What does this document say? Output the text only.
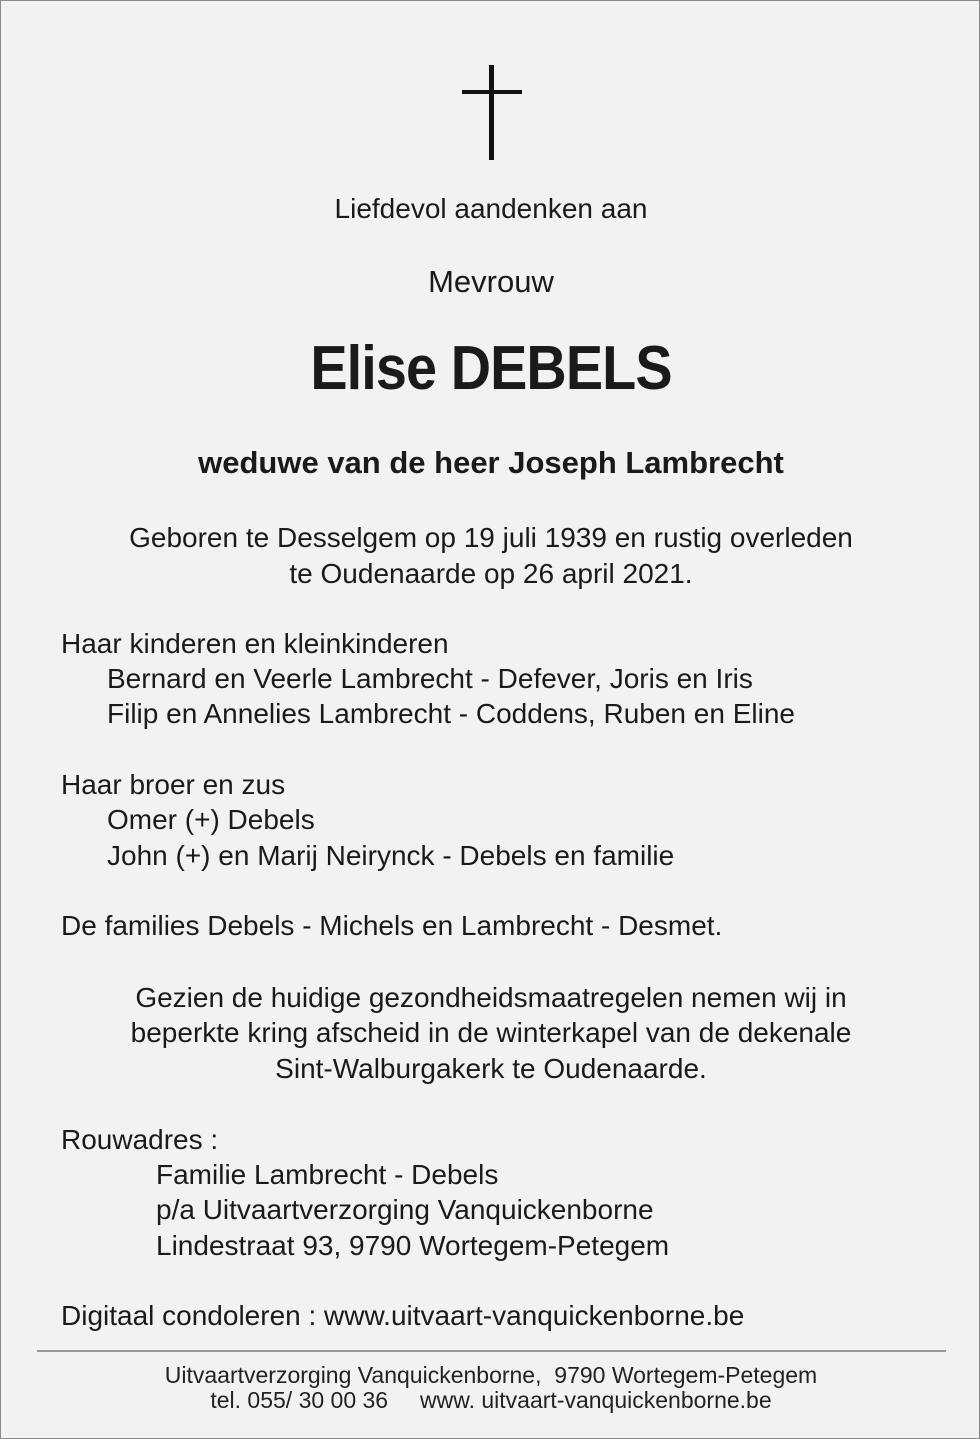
Liefdevol aandenken aan
Mevrouw
Elise DEBELS
weduwe van de heer Joseph Lambrecht
Geboren te Desselgem op 19 juli 1939 en rustig overleden
te Oudenaarde op 26 april 2021.
Haar kinderen en kleinkinderen
Bernard en Veerle Lambrecht - Defever, Joris en Iris
Filip en Annelies Lambrecht - Coddens, Ruben en Eline
Haar broer en zus
Omer (+) Debels
John (+) en Marij Neirynck - Debels en familie
De families Debels - Michels en Lambrecht - Desmet.
Gezien de huidige gezondheidsmaatregelen nemen wij in
beperkte kring afscheid in de winterkapel van de dekenale
Sint-Walburgakerk te Oudenaarde.
Rouwadres :
Familie Lambrecht - Debels
p/a Uitvaartverzorging Vanquickenborne
Lindestraat 93, 9790 Wortegem-Petegem
Digitaal condoleren : www.uitvaart-vanquickenborne.be
Uitvaartverzorging Vanquickenborne,  9790 Wortegem-Petegem
tel. 055/ 30 00 36     www. uitvaart-vanquickenborne.be
